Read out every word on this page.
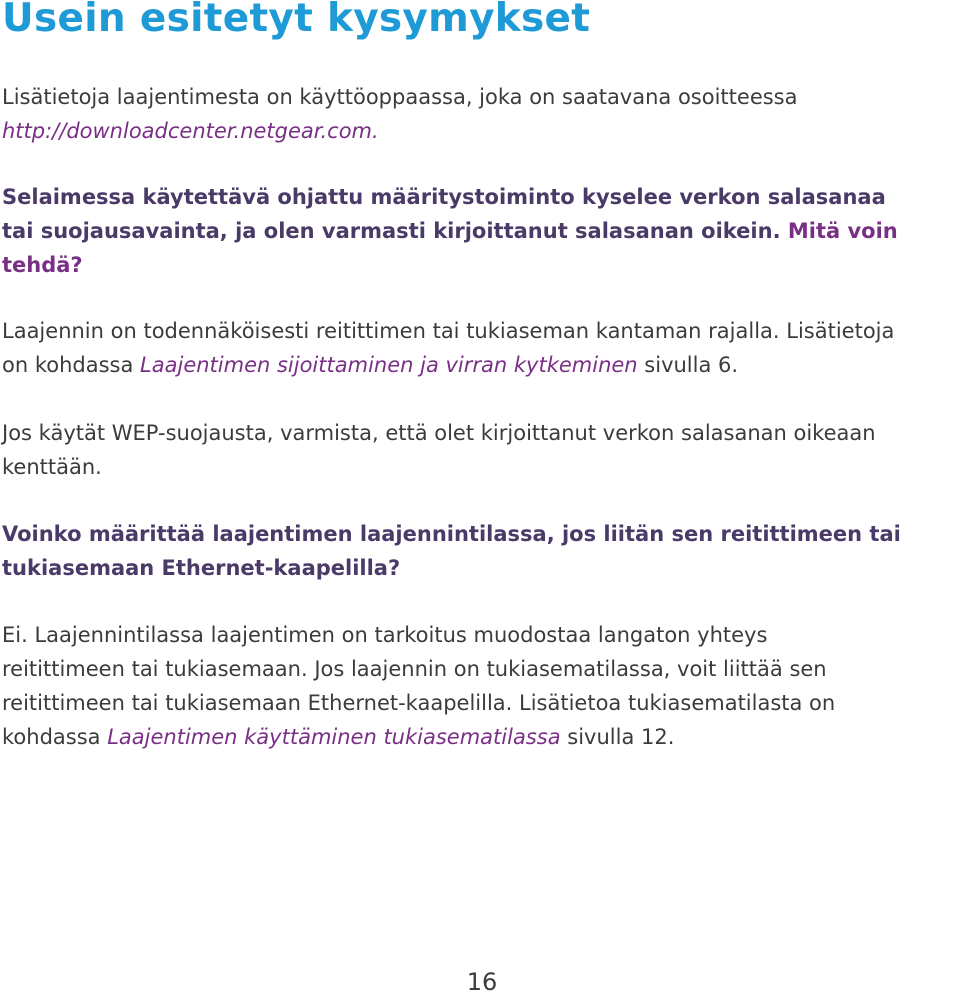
Usein esitetyt kysymykset

Lisätietoja laajentimesta on käyttöoppaassa, joka on saatavana osoitteessa
http://downloadcenter.netgear.com.

Selaimessa käytettävä ohjattu määritystoiminto kyselee verkon salasanaa
tai suojausavainta, ja olen varmasti kirjoittanut salasanan oikein. Mitä voin
tehdä?

Laajennin on todennäköisesti reitittimen tai tukiaseman kantaman rajalla. Lisätietoja
on kohdassa Laajentimen sijoittaminen ja virran kytkeminen sivulla 6.

Jos käytät WEP-suojausta, varmista, että olet kirjoittanut verkon salasanan oikeaan
kenttään.

Voinko määrittää laajentimen laajennintilassa, jos liitän sen reitittimeen tai
tukiasemaan Ethernet-kaapelilla?

Ei. Laajennintilassa laajentimen on tarkoitus muodostaa langaton yhteys
reitittimeen tai tukiasemaan. Jos laajennin on tukiasematilassa, voit liittää sen
reitittimeen tai tukiasemaan Ethernet-kaapelilla. Lisätietoa tukiasematilasta on
kohdassa Laajentimen käyttäminen tukiasematilassa sivulla 12.

16
